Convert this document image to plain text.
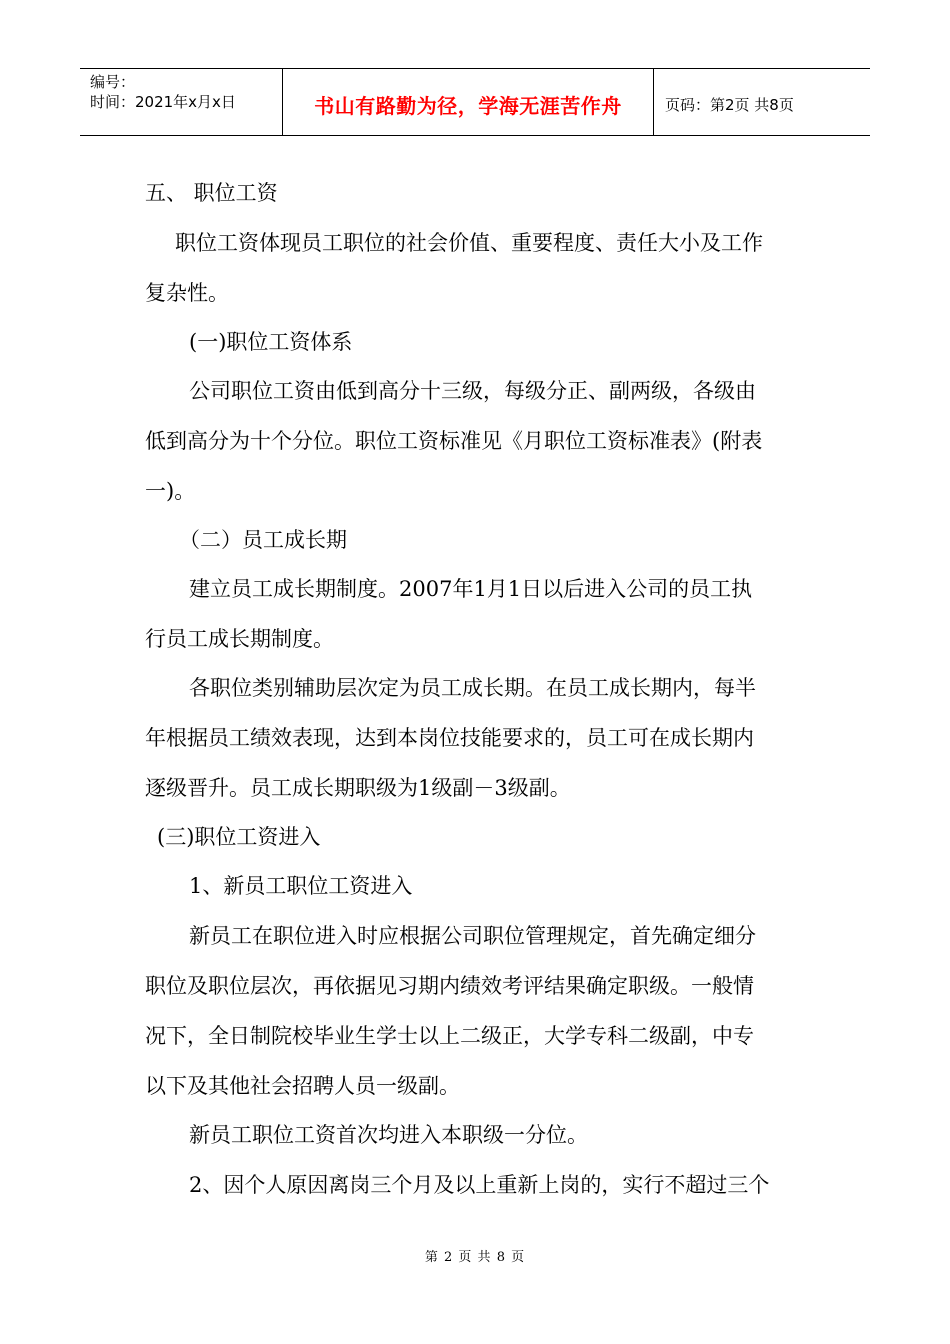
编号：
时间：2021年x月x日	书山有路勤为径，学海无涯苦作舟	页码：第2页 共8页
五、 职位工资
职位工资体现员工职位的社会价值、重要程度、责任大小及工作
复杂性。
(一)职位工资体系
公司职位工资由低到高分十三级，每级分正、副两级，各级由
低到高分为十个分位。职位工资标准见《月职位工资标准表》(附表
一)。
（二）员工成长期
建立员工成长期制度。2007年1月1日以后进入公司的员工执
行员工成长期制度。
各职位类别辅助层次定为员工成长期。在员工成长期内，每半
年根据员工绩效表现，达到本岗位技能要求的，员工可在成长期内
逐级晋升。员工成长期职级为1级副－3级副。
(三)职位工资进入
1、新员工职位工资进入
新员工在职位进入时应根据公司职位管理规定，首先确定细分
职位及职位层次，再依据见习期内绩效考评结果确定职级。一般情
况下，全日制院校毕业生学士以上二级正，大学专科二级副，中专
以下及其他社会招聘人员一级副。
新员工职位工资首次均进入本职级一分位。
2、因个人原因离岗三个月及以上重新上岗的，实行不超过三个
第 2 页 共 8 页
